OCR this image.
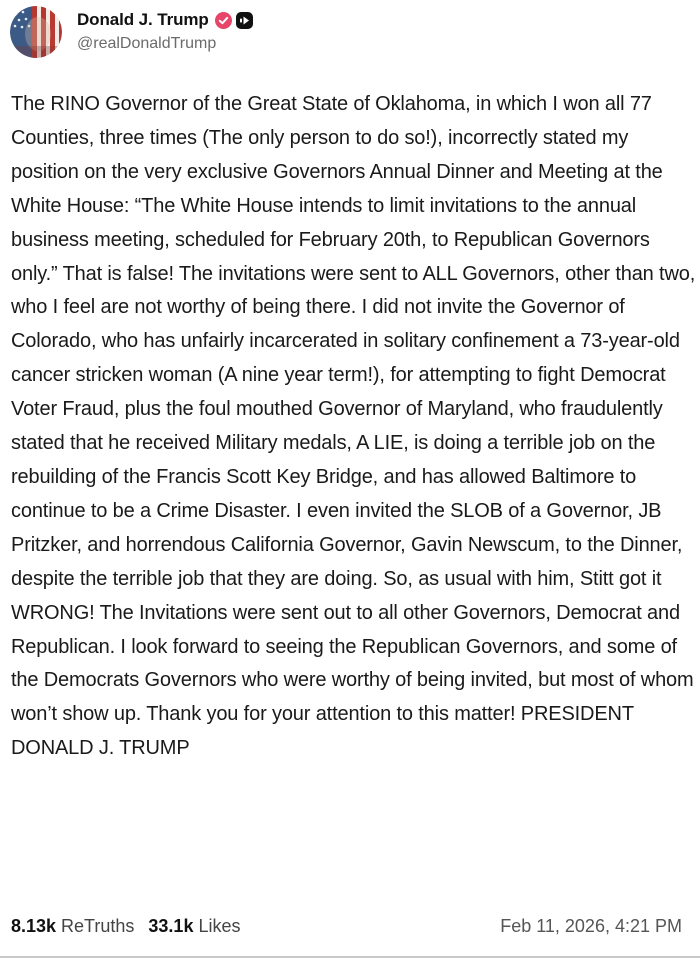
Donald J. Trump
@realDonaldTrump
The RINO Governor of the Great State of Oklahoma, in which I won all 77 Counties, three times (The only person to do so!), incorrectly stated my position on the very exclusive Governors Annual Dinner and Meeting at the White House: “The White House intends to limit invitations to the annual business meeting, scheduled for February 20th, to Republican Governors only.” That is false! The invitations were sent to ALL Governors, other than two, who I feel are not worthy of being there. I did not invite the Governor of Colorado, who has unfairly incarcerated in solitary confinement a 73-year-old cancer stricken woman (A nine year term!), for attempting to fight Democrat Voter Fraud, plus the foul mouthed Governor of Maryland, who fraudulently stated that he received Military medals, A LIE, is doing a terrible job on the rebuilding of the Francis Scott Key Bridge, and has allowed Baltimore to continue to be a Crime Disaster. I even invited the SLOB of a Governor, JB Pritzker, and horrendous California Governor, Gavin Newscum, to the Dinner, despite the terrible job that they are doing. So, as usual with him, Stitt got it WRONG! The Invitations were sent out to all other Governors, Democrat and Republican. I look forward to seeing the Republican Governors, and some of the Democrats Governors who were worthy of being invited, but most of whom won’t show up. Thank you for your attention to this matter! PRESIDENT DONALD J. TRUMP
8.13k ReTruths 33.1k Likes	Feb 11, 2026, 4:21 PM
